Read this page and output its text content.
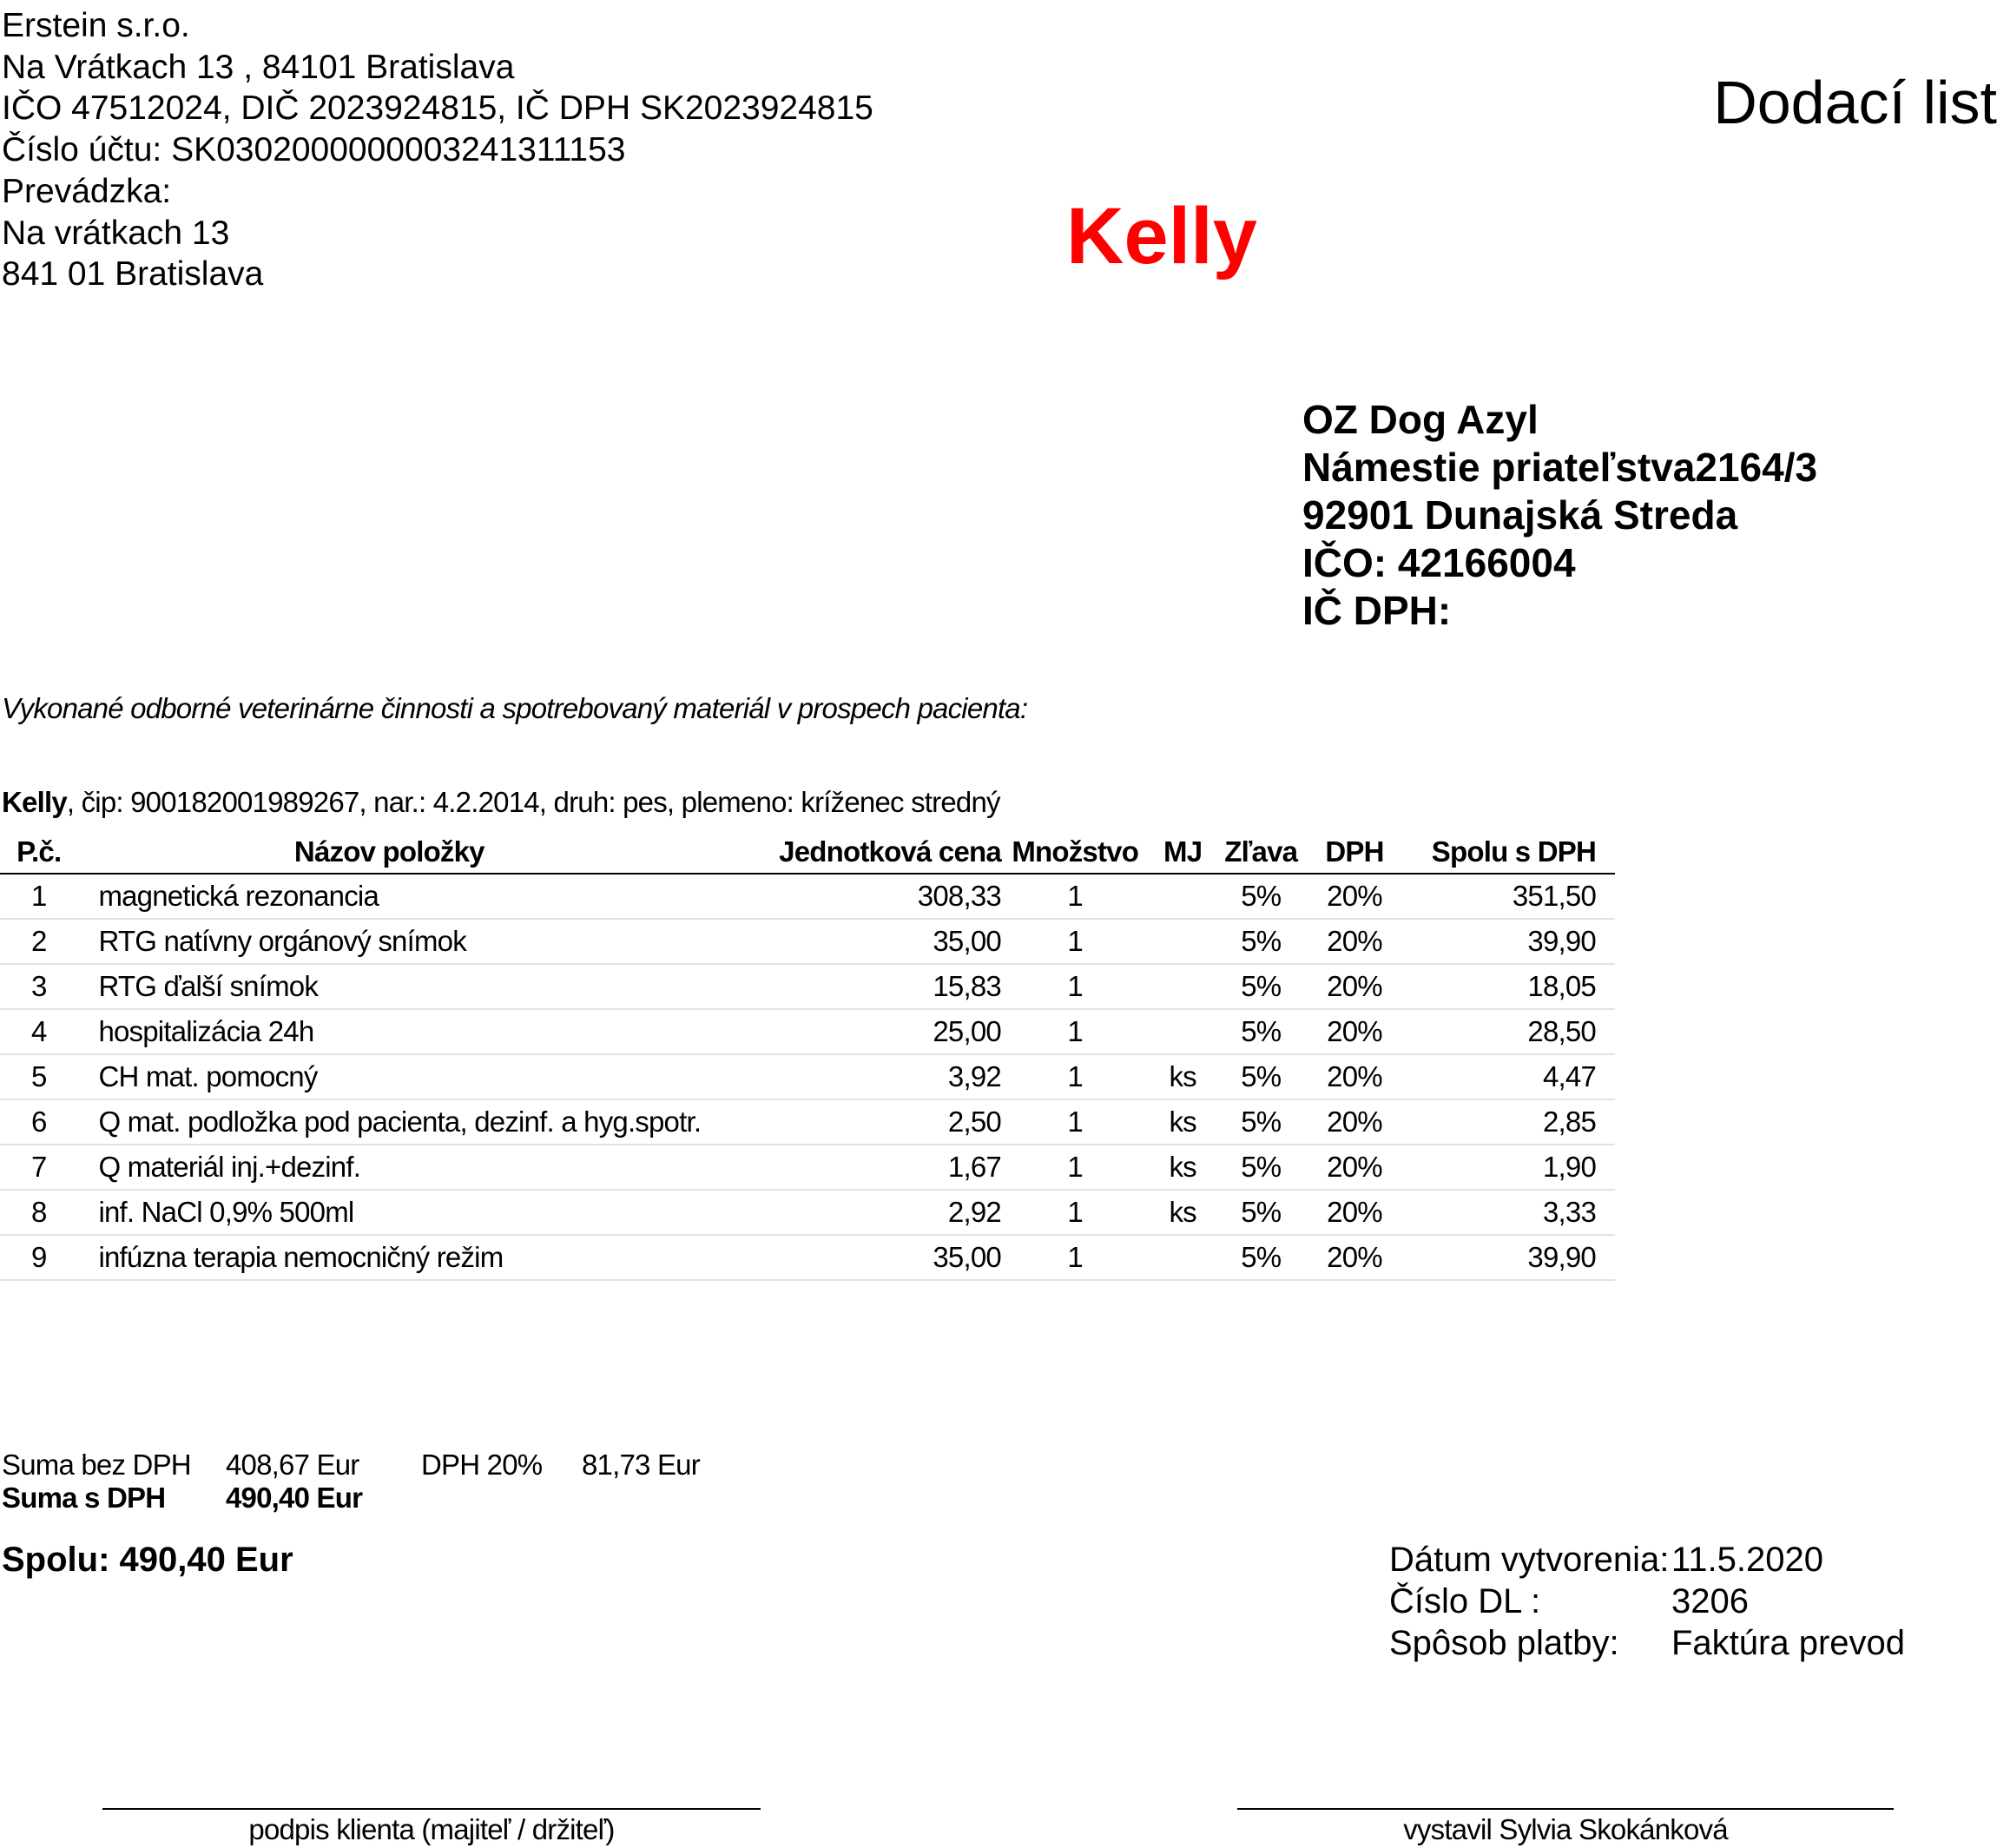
Erstein s.r.o.
Na Vrátkach 13 , 84101 Bratislava
IČO 47512024, DIČ 2023924815, IČ DPH SK2023924815
Číslo účtu: SK0302000000003241311153
Prevádzka:
Na vrátkach 13
841 01 Bratislava
Dodací list
Kelly
OZ Dog Azyl
Námestie priateľstva2164/3
92901 Dunajská Streda
IČO: 42166004
IČ DPH:
Vykonané odborné veterinárne činnosti a spotrebovaný materiál v prospech pacienta:
Kelly, čip: 900182001989267, nar.: 4.2.2014, druh: pes, plemeno: kríženec stredný
P.č.	Názov položky	Jednotková cena	Množstvo	MJ	Zľava	DPH	Spolu s DPH
1	magnetická rezonancia	308,33	1		5%	20%	351,50
2	RTG natívny orgánový snímok	35,00	1		5%	20%	39,90
3	RTG ďalší snímok	15,83	1		5%	20%	18,05
4	hospitalizácia 24h	25,00	1		5%	20%	28,50
5	CH mat. pomocný	3,92	1	ks	5%	20%	4,47
6	Q mat. podložka pod pacienta, dezinf. a hyg.spotr.	2,50	1	ks	5%	20%	2,85
7	Q materiál inj.+dezinf.	1,67	1	ks	5%	20%	1,90
8	inf. NaCl 0,9% 500ml	2,92	1	ks	5%	20%	3,33
9	infúzna terapia nemocničný režim	35,00	1		5%	20%	39,90
Suma bez DPH 408,67 Eur DPH 20% 81,73 Eur
Suma s DPH 490,40 Eur
Spolu: 490,40 Eur	Dátum vytvorenia: 11.5.2020
Číslo DL :	3206
Spôsob platby: Faktúra prevod
podpis klienta (majiteľ / držiteľ)	vystavil Sylvia Skokánková
